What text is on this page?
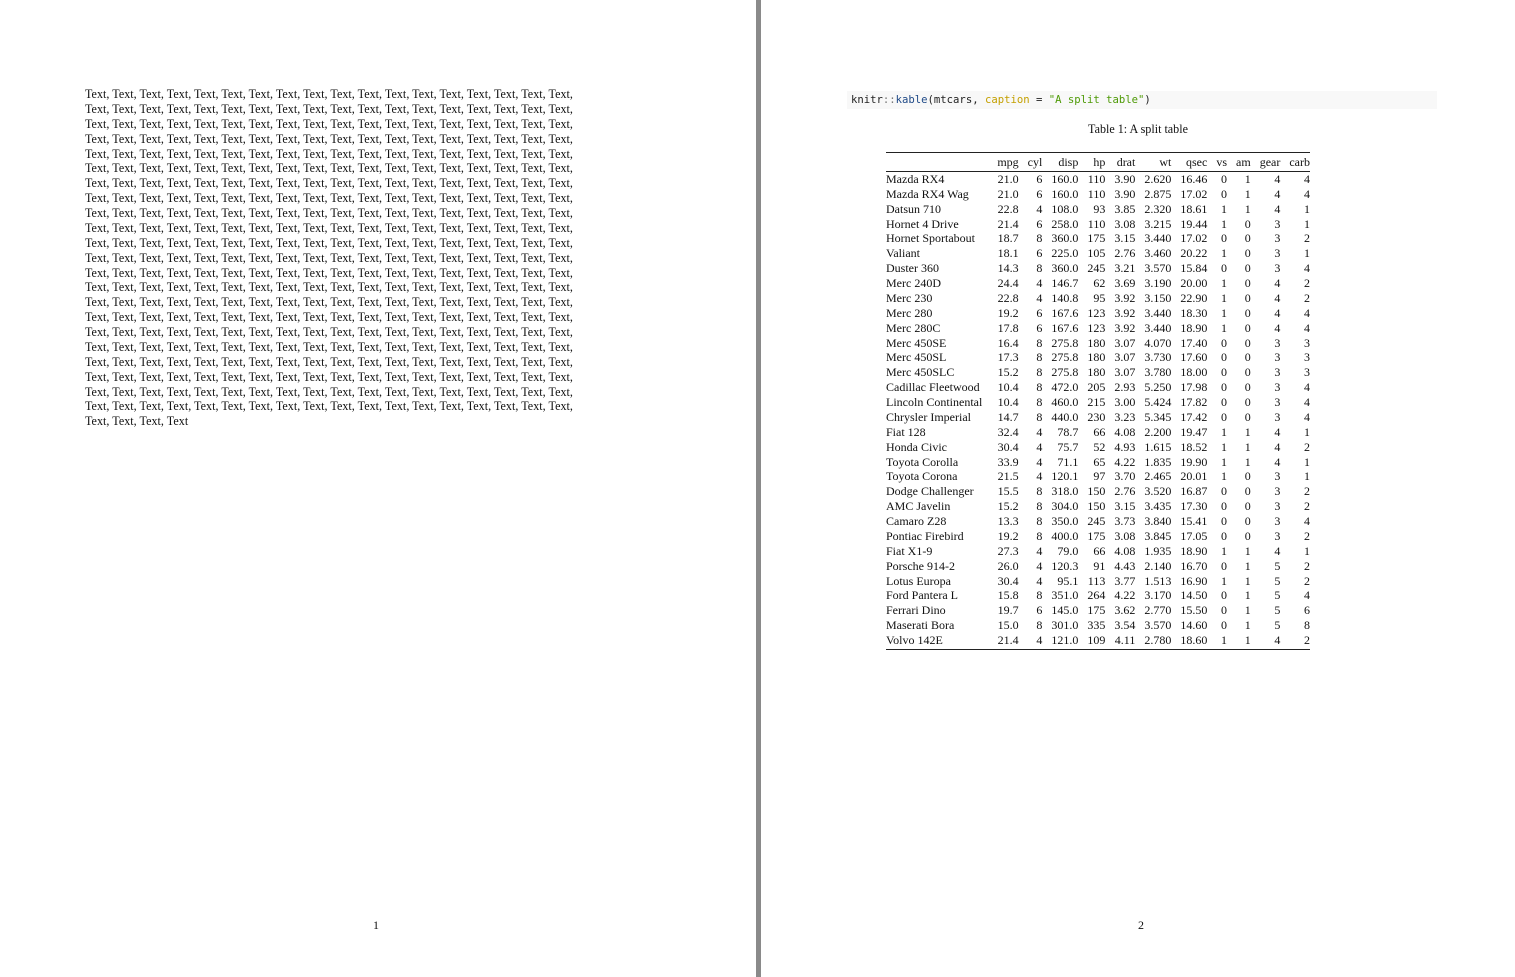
Text, Text, Text, Text, Text, Text, Text, Text, Text, Text, Text, Text, Text, Text, Text, Text, Text, Text,
Text, Text, Text, Text, Text, Text, Text, Text, Text, Text, Text, Text, Text, Text, Text, Text, Text, Text,
Text, Text, Text, Text, Text, Text, Text, Text, Text, Text, Text, Text, Text, Text, Text, Text, Text, Text,
Text, Text, Text, Text, Text, Text, Text, Text, Text, Text, Text, Text, Text, Text, Text, Text, Text, Text,
Text, Text, Text, Text, Text, Text, Text, Text, Text, Text, Text, Text, Text, Text, Text, Text, Text, Text,
Text, Text, Text, Text, Text, Text, Text, Text, Text, Text, Text, Text, Text, Text, Text, Text, Text, Text,
Text, Text, Text, Text, Text, Text, Text, Text, Text, Text, Text, Text, Text, Text, Text, Text, Text, Text,
Text, Text, Text, Text, Text, Text, Text, Text, Text, Text, Text, Text, Text, Text, Text, Text, Text, Text,
Text, Text, Text, Text, Text, Text, Text, Text, Text, Text, Text, Text, Text, Text, Text, Text, Text, Text,
Text, Text, Text, Text, Text, Text, Text, Text, Text, Text, Text, Text, Text, Text, Text, Text, Text, Text,
Text, Text, Text, Text, Text, Text, Text, Text, Text, Text, Text, Text, Text, Text, Text, Text, Text, Text,
Text, Text, Text, Text, Text, Text, Text, Text, Text, Text, Text, Text, Text, Text, Text, Text, Text, Text,
Text, Text, Text, Text, Text, Text, Text, Text, Text, Text, Text, Text, Text, Text, Text, Text, Text, Text,
Text, Text, Text, Text, Text, Text, Text, Text, Text, Text, Text, Text, Text, Text, Text, Text, Text, Text,
Text, Text, Text, Text, Text, Text, Text, Text, Text, Text, Text, Text, Text, Text, Text, Text, Text, Text,
Text, Text, Text, Text, Text, Text, Text, Text, Text, Text, Text, Text, Text, Text, Text, Text, Text, Text,
Text, Text, Text, Text, Text, Text, Text, Text, Text, Text, Text, Text, Text, Text, Text, Text, Text, Text,
Text, Text, Text, Text, Text, Text, Text, Text, Text, Text, Text, Text, Text, Text, Text, Text, Text, Text,
Text, Text, Text, Text, Text, Text, Text, Text, Text, Text, Text, Text, Text, Text, Text, Text, Text, Text,
Text, Text, Text, Text, Text, Text, Text, Text, Text, Text, Text, Text, Text, Text, Text, Text, Text, Text,
Text, Text, Text, Text, Text, Text, Text, Text, Text, Text, Text, Text, Text, Text, Text, Text, Text, Text,
Text, Text, Text, Text, Text, Text, Text, Text, Text, Text, Text, Text, Text, Text, Text, Text, Text, Text,
Text, Text, Text, Text
1
knitr::kable(mtcars, caption = "A split table")
Table 1: A split table
	mpg	cyl	disp	hp	drat	wt	qsec	vs	am	gear	carb
Mazda RX4	21.0	6	160.0	110	3.90	2.620	16.46	0	1	4	4
Mazda RX4 Wag	21.0	6	160.0	110	3.90	2.875	17.02	0	1	4	4
Datsun 710	22.8	4	108.0	93	3.85	2.320	18.61	1	1	4	1
Hornet 4 Drive	21.4	6	258.0	110	3.08	3.215	19.44	1	0	3	1
Hornet Sportabout	18.7	8	360.0	175	3.15	3.440	17.02	0	0	3	2
Valiant	18.1	6	225.0	105	2.76	3.460	20.22	1	0	3	1
Duster 360	14.3	8	360.0	245	3.21	3.570	15.84	0	0	3	4
Merc 240D	24.4	4	146.7	62	3.69	3.190	20.00	1	0	4	2
Merc 230	22.8	4	140.8	95	3.92	3.150	22.90	1	0	4	2
Merc 280	19.2	6	167.6	123	3.92	3.440	18.30	1	0	4	4
Merc 280C	17.8	6	167.6	123	3.92	3.440	18.90	1	0	4	4
Merc 450SE	16.4	8	275.8	180	3.07	4.070	17.40	0	0	3	3
Merc 450SL	17.3	8	275.8	180	3.07	3.730	17.60	0	0	3	3
Merc 450SLC	15.2	8	275.8	180	3.07	3.780	18.00	0	0	3	3
Cadillac Fleetwood	10.4	8	472.0	205	2.93	5.250	17.98	0	0	3	4
Lincoln Continental	10.4	8	460.0	215	3.00	5.424	17.82	0	0	3	4
Chrysler Imperial	14.7	8	440.0	230	3.23	5.345	17.42	0	0	3	4
Fiat 128	32.4	4	78.7	66	4.08	2.200	19.47	1	1	4	1
Honda Civic	30.4	4	75.7	52	4.93	1.615	18.52	1	1	4	2
Toyota Corolla	33.9	4	71.1	65	4.22	1.835	19.90	1	1	4	1
Toyota Corona	21.5	4	120.1	97	3.70	2.465	20.01	1	0	3	1
Dodge Challenger	15.5	8	318.0	150	2.76	3.520	16.87	0	0	3	2
AMC Javelin	15.2	8	304.0	150	3.15	3.435	17.30	0	0	3	2
Camaro Z28	13.3	8	350.0	245	3.73	3.840	15.41	0	0	3	4
Pontiac Firebird	19.2	8	400.0	175	3.08	3.845	17.05	0	0	3	2
Fiat X1-9	27.3	4	79.0	66	4.08	1.935	18.90	1	1	4	1
Porsche 914-2	26.0	4	120.3	91	4.43	2.140	16.70	0	1	5	2
Lotus Europa	30.4	4	95.1	113	3.77	1.513	16.90	1	1	5	2
Ford Pantera L	15.8	8	351.0	264	4.22	3.170	14.50	0	1	5	4
Ferrari Dino	19.7	6	145.0	175	3.62	2.770	15.50	0	1	5	6
Maserati Bora	15.0	8	301.0	335	3.54	3.570	14.60	0	1	5	8
Volvo 142E	21.4	4	121.0	109	4.11	2.780	18.60	1	1	4	2
2
